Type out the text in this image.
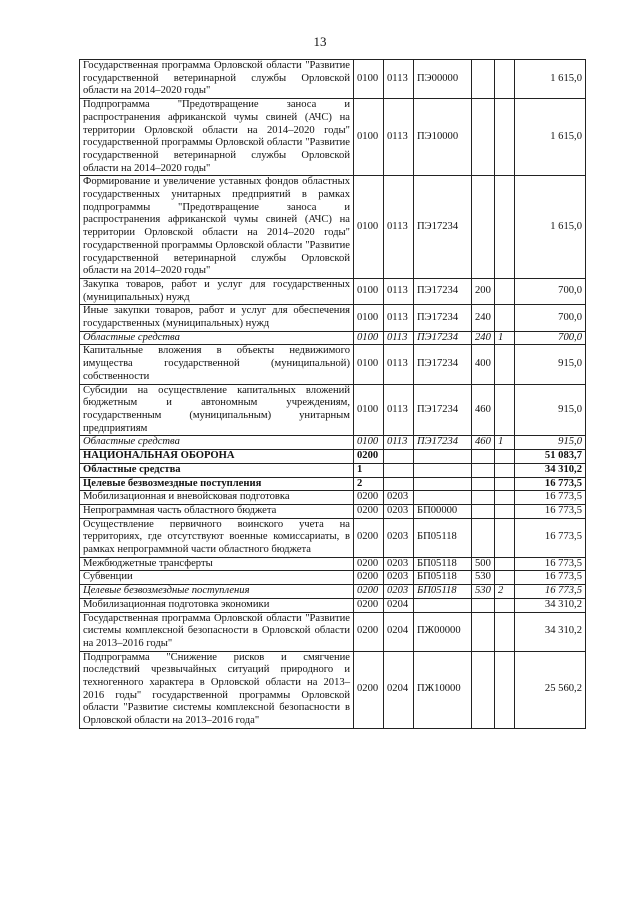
13
Государственная программа Орловской области "Развитие государственной ветеринарной службы Орловской области на 2014–2020 годы"	0100	0113	ПЭ00000			1 615,0
Подпрограмма "Предотвращение заноса и распространения африканской чумы свиней (АЧС) на территории Орловской области на 2014–2020 годы" государственной программы Орловской области "Развитие государственной ветеринарной службы Орловской области на 2014–2020 годы"	0100	0113	ПЭ10000			1 615,0
Формирование и увеличение уставных фондов областных государственных унитарных предприятий в рамках подпрограммы "Предотвращение заноса и распространения африканской чумы свиней (АЧС) на территории Орловской области на 2014–2020 годы" государственной программы Орловской области "Развитие государственной ветеринарной службы Орловской области на 2014–2020 годы"	0100	0113	ПЭ17234			1 615,0
Закупка товаров, работ и услуг для государственных (муниципальных) нужд	0100	0113	ПЭ17234	200		700,0
Иные закупки товаров, работ и услуг для обеспечения государственных (муниципальных) нужд	0100	0113	ПЭ17234	240		700,0
Областные средства	0100	0113	ПЭ17234	240	1	700,0
Капитальные вложения в объекты недвижимого имущества государственной (муниципальной) собственности	0100	0113	ПЭ17234	400		915,0
Субсидии на осуществление капитальных вложений бюджетным и автономным учреждениям, государственным (муниципальным) унитарным предприятиям	0100	0113	ПЭ17234	460		915,0
Областные средства	0100	0113	ПЭ17234	460	1	915,0
НАЦИОНАЛЬНАЯ ОБОРОНА	0200					51 083,7
Областные средства	1					34 310,2
Целевые безвозмездные поступления	2					16 773,5
Мобилизационная и вневойсковая подготовка	0200	0203				16 773,5
Непрограммная часть областного бюджета	0200	0203	БП00000			16 773,5
Осуществление первичного воинского учета на территориях, где отсутствуют военные комиссариаты, в рамках непрограммной части областного бюджета	0200	0203	БП05118			16 773,5
Межбюджетные трансферты	0200	0203	БП05118	500		16 773,5
Субвенции	0200	0203	БП05118	530		16 773,5
Целевые безвозмездные поступления	0200	0203	БП05118	530	2	16 773,5
Мобилизационная подготовка экономики	0200	0204				34 310,2
Государственная программа Орловской области "Развитие системы комплексной безопасности в Орловской области на 2013–2016 годы"	0200	0204	ПЖ00000			34 310,2
Подпрограмма "Снижение рисков и смягчение последствий чрезвычайных ситуаций природного и техногенного характера в Орловской области на 2013–2016 годы" государственной программы Орловской области "Развитие системы комплексной безопасности в Орловской области на 2013–2016 года"	0200	0204	ПЖ10000			25 560,2
